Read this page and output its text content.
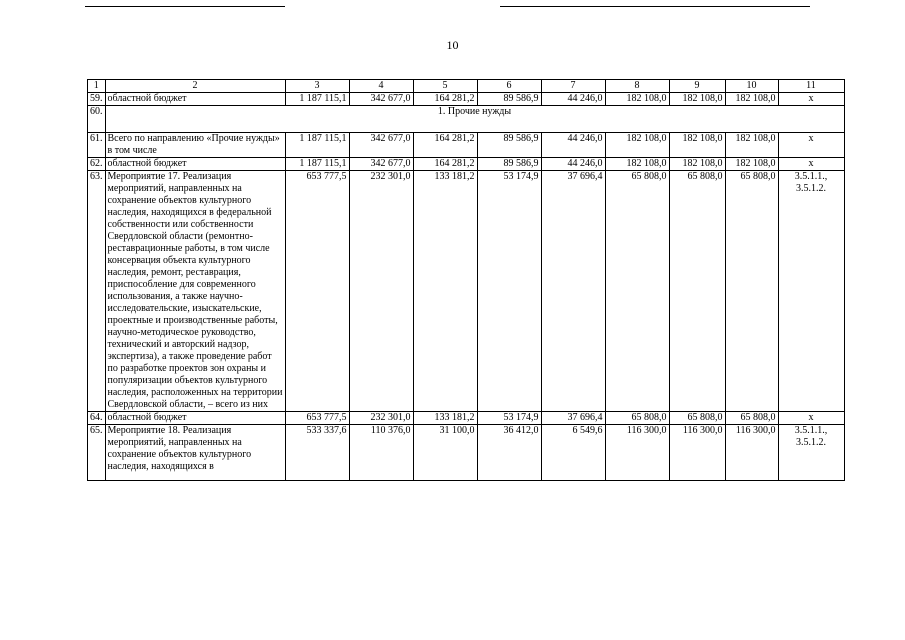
10
1	2	3	4	5	6	7	8	9	10	11
59.	областной бюджет	1 187 115,1	342 677,0	164 281,2	89 586,9	44 246,0	182 108,0	182 108,0	182 108,0	х
60.	1. Прочие нужды									
61.	Всего по направлению «Прочие нужды» в том числе	1 187 115,1	342 677,0	164 281,2	89 586,9	44 246,0	182 108,0	182 108,0	182 108,0	х
62.	областной бюджет	1 187 115,1	342 677,0	164 281,2	89 586,9	44 246,0	182 108,0	182 108,0	182 108,0	х
63.	Мероприятие 17. Реализация мероприятий, направленных на сохранение объектов культурного наследия, находящихся в федеральной собственности или собственности Свердловской области (ремонтно-реставрационные работы, в том числе консервация объекта культурного наследия, ремонт, реставрация, приспособление для современного использования, а также научно-исследовательские, изыскательские, проектные и производственные работы, научно-методическое руководство, технический и авторский надзор, экспертиза), а также проведение работ по разработке проектов зон охраны и популяризации объектов культурного наследия, расположенных на территории Свердловской области, – всего из них	653 777,5	232 301,0	133 181,2	53 174,9	37 696,4	65 808,0	65 808,0	65 808,0	3.5.1.1., 3.5.1.2.
64.	областной бюджет	653 777,5	232 301,0	133 181,2	53 174,9	37 696,4	65 808,0	65 808,0	65 808,0	х
65.	Мероприятие 18. Реализация мероприятий, направленных на сохранение объектов культурного наследия, находящихся в	533 337,6	110 376,0	31 100,0	36 412,0	6 549,6	116 300,0	116 300,0	116 300,0	3.5.1.1., 3.5.1.2.
